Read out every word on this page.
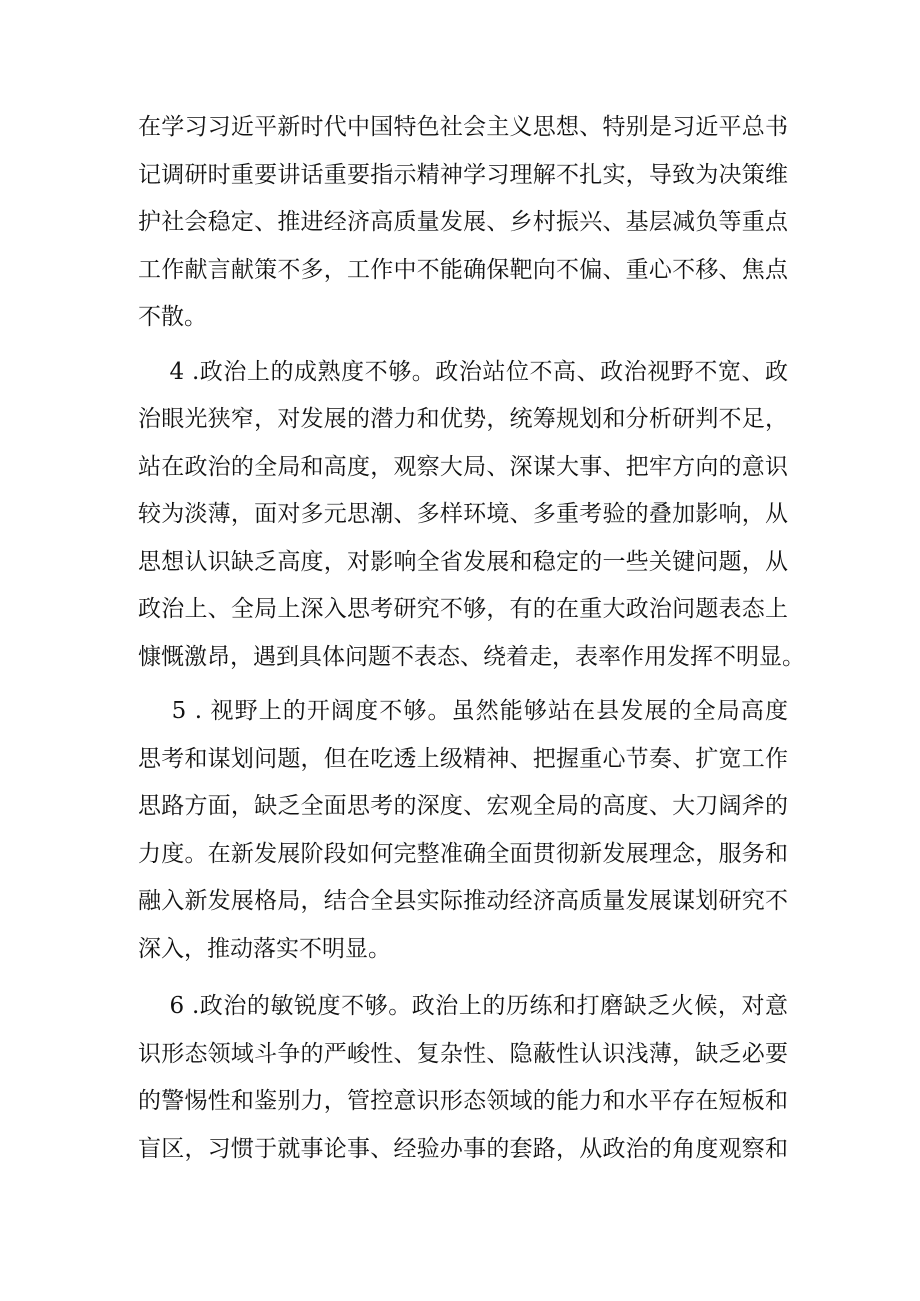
在学习习近平新时代中国特色社会主义思想、特别是习近平总书
记调研时重要讲话重要指示精神学习理解不扎实，导致为决策维
护社会稳定、推进经济高质量发展、乡村振兴、基层减负等重点
工作献言献策不多，工作中不能确保靶向不偏、重心不移、焦点
不散。
4 .政治上的成熟度不够。政治站位不高、政治视野不宽、政
治眼光狭窄，对发展的潜力和优势，统筹规划和分析研判不足，
站在政治的全局和高度，观察大局、深谋大事、把牢方向的意识
较为淡薄，面对多元思潮、多样环境、多重考验的叠加影响，从
思想认识缺乏高度，对影响全省发展和稳定的一些关键问题，从
政治上、全局上深入思考研究不够，有的在重大政治问题表态上
慷慨激昂，遇到具体问题不表态、绕着走，表率作用发挥不明显。
5 . 视野上的开阔度不够。虽然能够站在县发展的全局高度
思考和谋划问题，但在吃透上级精神、把握重心节奏、扩宽工作
思路方面，缺乏全面思考的深度、宏观全局的高度、大刀阔斧的
力度。在新发展阶段如何完整准确全面贯彻新发展理念，服务和
融入新发展格局，结合全县实际推动经济高质量发展谋划研究不
深入，推动落实不明显。
6 .政治的敏锐度不够。政治上的历练和打磨缺乏火候，对意
识形态领域斗争的严峻性、复杂性、隐蔽性认识浅薄，缺乏必要
的警惕性和鉴别力，管控意识形态领域的能力和水平存在短板和
盲区，习惯于就事论事、经验办事的套路，从政治的角度观察和
